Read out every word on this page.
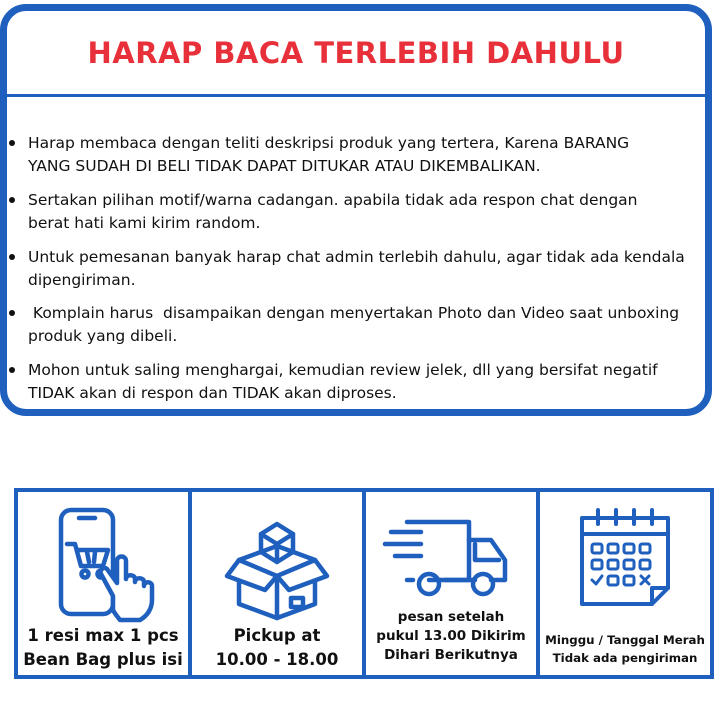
HARAP BACA TERLEBIH DAHULU
Harap membaca dengan teliti deskripsi produk yang tertera, Karena BARANG
YANG SUDAH DI BELI TIDAK DAPAT DITUKAR ATAU DIKEMBALIKAN.
Sertakan pilihan motif/warna cadangan. apabila tidak ada respon chat dengan
berat hati kami kirim random.
Untuk pemesanan banyak harap chat admin terlebih dahulu, agar tidak ada kendala
dipengiriman.
Komplain harus  disampaikan dengan menyertakan Photo dan Video saat unboxing
produk yang dibeli.
Mohon untuk saling menghargai, kemudian review jelek, dll yang bersifat negatif
TIDAK akan di respon dan TIDAK akan diproses.
1 resi max 1 pcs
Bean Bag plus isi
Pickup at
10.00 - 18.00
pesan setelah
pukul 13.00 Dikirim
Dihari Berikutnya
Minggu / Tanggal Merah
Tidak ada pengiriman
